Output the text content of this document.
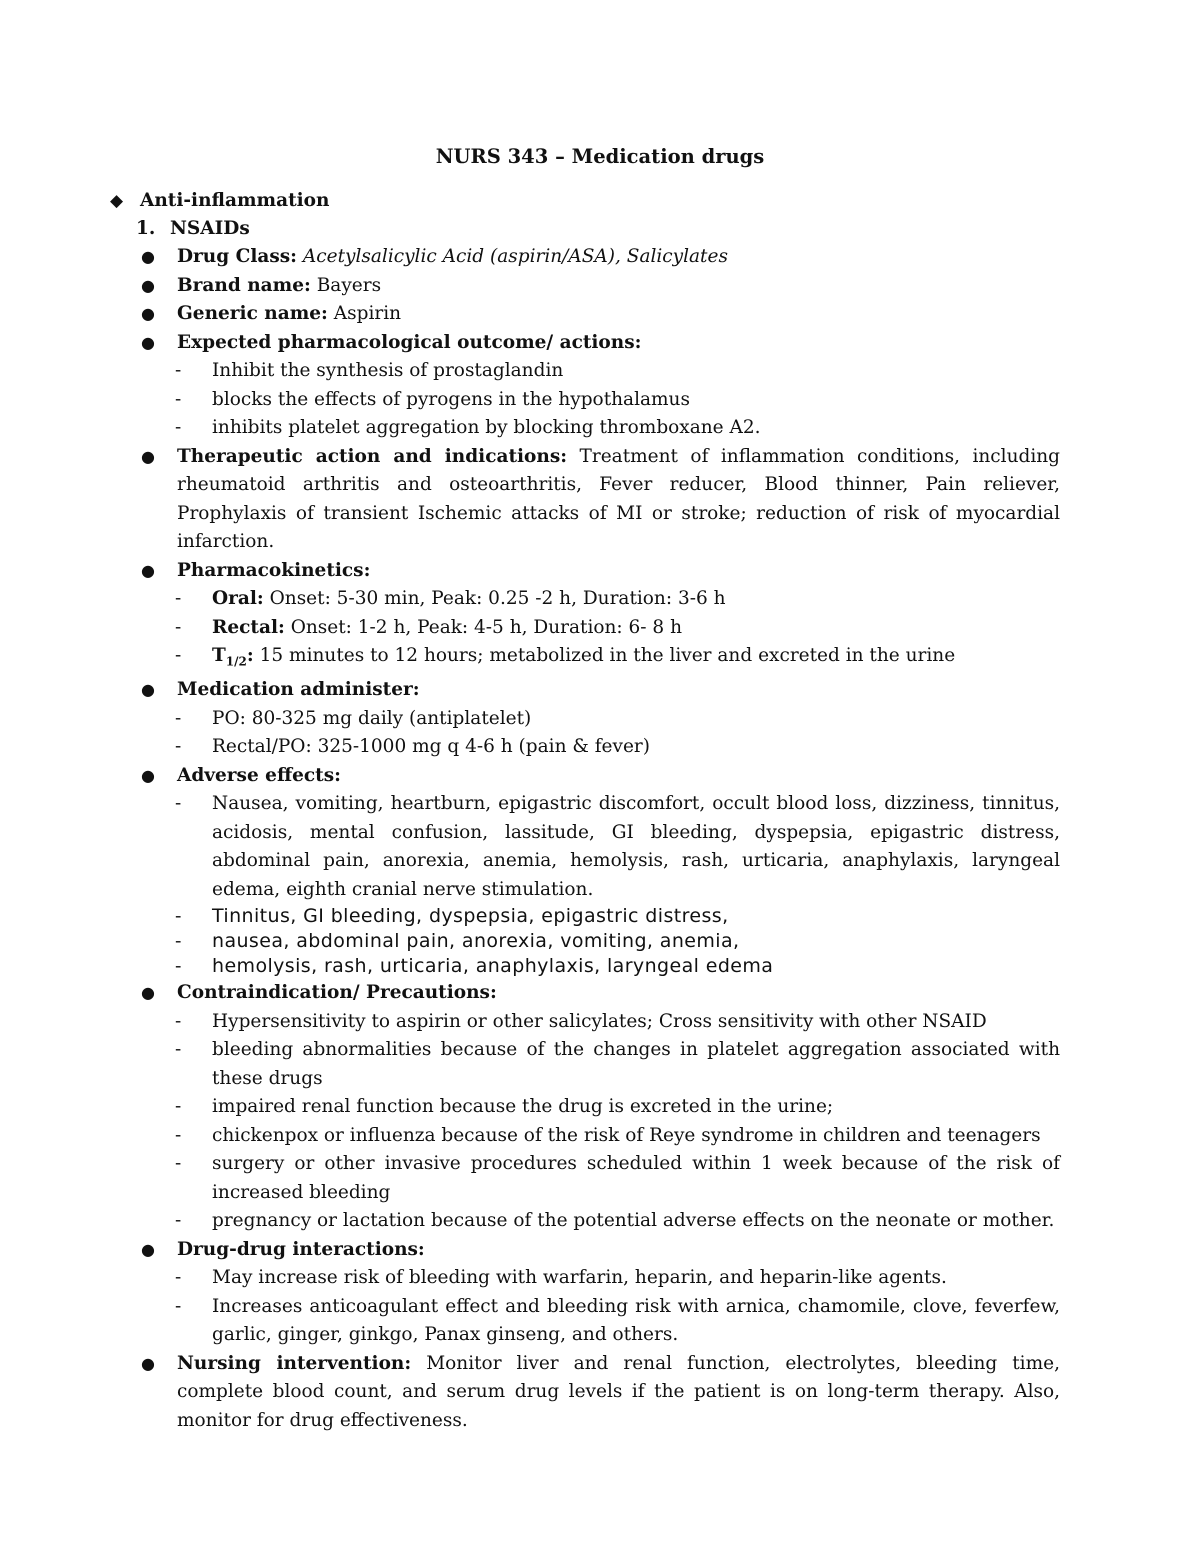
NURS 343 – Medication drugs
◆ Anti-inflammation
1. NSAIDs
● Drug Class: Acetylsalicylic Acid (aspirin/ASA), Salicylates
● Brand name: Bayers
● Generic name: Aspirin
● Expected pharmacological outcome/ actions:
- Inhibit the synthesis of prostaglandin
- blocks the effects of pyrogens in the hypothalamus
- inhibits platelet aggregation by blocking thromboxane A2.
● Therapeutic action and indications: Treatment of inflammation conditions, including rheumatoid arthritis and osteoarthritis, Fever reducer, Blood thinner, Pain reliever, Prophylaxis of transient Ischemic attacks of MI or stroke; reduction of risk of myocardial infarction.
● Pharmacokinetics:
- Oral: Onset: 5-30 min, Peak: 0.25 -2 h, Duration: 3-6 h
- Rectal: Onset: 1-2 h, Peak: 4-5 h, Duration: 6- 8 h
- $T_{1/2}$: 15 minutes to 12 hours; metabolized in the liver and excreted in the urine
● Medication administer:
- PO: 80-325 mg daily (antiplatelet)
- Rectal/PO: 325-1000 mg q 4-6 h (pain & fever)
● Adverse effects:
- Nausea, vomiting, heartburn, epigastric discomfort, occult blood loss, dizziness, tinnitus, acidosis, mental confusion, lassitude, GI bleeding, dyspepsia, epigastric distress, abdominal pain, anorexia, anemia, hemolysis, rash, urticaria, anaphylaxis, laryngeal edema, eighth cranial nerve stimulation.
- Tinnitus, GI bleeding, dyspepsia, epigastric distress,
- nausea, abdominal pain, anorexia, vomiting, anemia,
- hemolysis, rash, urticaria, anaphylaxis, laryngeal edema
● Contraindication/ Precautions:
- Hypersensitivity to aspirin or other salicylates; Cross sensitivity with other NSAID
- bleeding abnormalities because of the changes in platelet aggregation associated with these drugs
- impaired renal function because the drug is excreted in the urine;
- chickenpox or influenza because of the risk of Reye syndrome in children and teenagers
- surgery or other invasive procedures scheduled within 1 week because of the risk of increased bleeding
- pregnancy or lactation because of the potential adverse effects on the neonate or mother.
● Drug-drug interactions:
- May increase risk of bleeding with warfarin, heparin, and heparin-like agents.
- Increases anticoagulant effect and bleeding risk with arnica, chamomile, clove, feverfew, garlic, ginger, ginkgo, Panax ginseng, and others.
● Nursing intervention: Monitor liver and renal function, electrolytes, bleeding time, complete blood count, and serum drug levels if the patient is on long-term therapy. Also, monitor for drug effectiveness.
